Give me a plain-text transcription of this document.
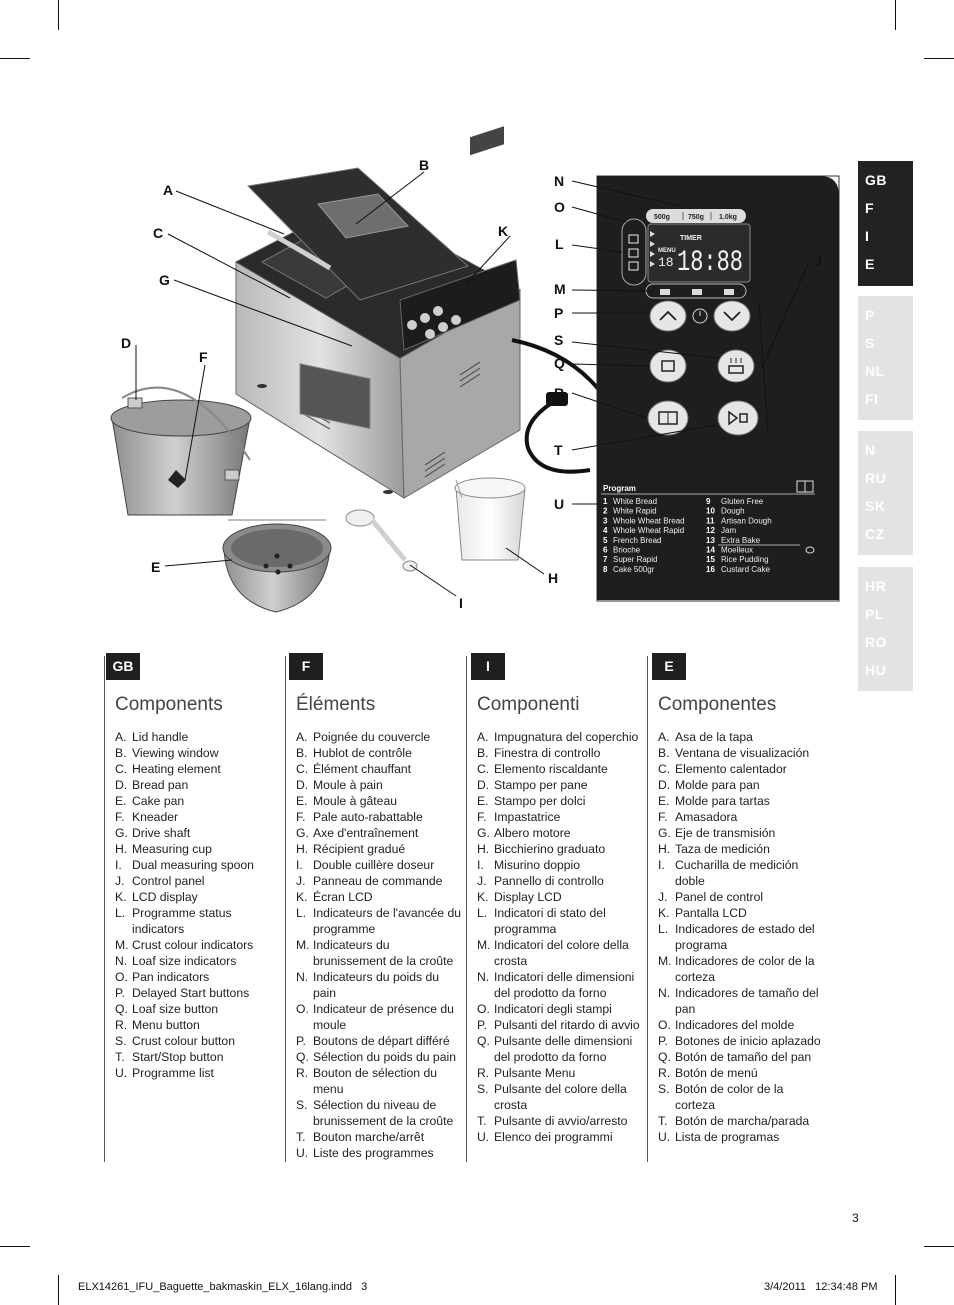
A
B
C
D
E
F
G
H
I
J
K
L
M
N
O
P
Q
R
S
T
U
500g	750g 1.0kg
TIMER
MENU
18 18:88
Program
1 White Bread
2 White Rapid
3 Whole Wheat Bread
4 Whole Wheat Rapid
5 French Bread
6 Brioche
7 Super Rapid
8 Cake 500gr
9 Gluten Free
10 Dough
11 Artisan Dough
12 Jam
13 Extra Bake
14 Moelleux
15 Rice Pudding
16 Custard Cake
GB
F
I
E
P
S
NL
FI
N
RU
SK
CZ
HR
PL
RO
HU
GB	F	I	E
Components	Éléments	Componenti	Componentes
A. Lid handle
B. Viewing window
C. Heating element
D. Bread pan
E. Cake pan
F. Kneader
G. Drive shaft
H. Measuring cup
I. Dual measuring spoon
J. Control panel
K. LCD display
L. Programme status indicators
M. Crust colour indicators
N. Loaf size indicators
O. Pan indicators
P. Delayed Start buttons
Q. Loaf size button
R. Menu button
S. Crust colour button
T. Start/Stop button
U. Programme list
A. Poignée du couvercle
B. Hublot de contrôle
C. Élément chauffant
D. Moule à pain
E. Moule à gâteau
F. Pale auto-rabattable
G. Axe d'entraînement
H. Récipient gradué
I. Double cuillère doseur
J. Panneau de commande
K. Écran LCD
L. Indicateurs de l'avancée du programme
M. Indicateurs du brunissement de la croûte
N. Indicateurs du poids du pain
O. Indicateur de présence du moule
P. Boutons de départ différé
Q. Sélection du poids du pain
R. Bouton de sélection du menu
S. Sélection du niveau de brunissement de la croûte
T. Bouton marche/arrêt
U. Liste des programmes
A. Impugnatura del coperchio
B. Finestra di controllo
C. Elemento riscaldante
D. Stampo per pane
E. Stampo per dolci
F. Impastatrice
G. Albero motore
H. Bicchierino graduato
I. Misurino doppio
J. Pannello di controllo
K. Display LCD
L. Indicatori di stato del programma
M. Indicatori del colore della crosta
N. Indicatori delle dimensioni del prodotto da forno
O. Indicatori degli stampi
P. Pulsanti del ritardo di avvio
Q. Pulsante delle dimensioni del prodotto da forno
R. Pulsante Menu
S. Pulsante del colore della crosta
T. Pulsante di avvio/arresto
U. Elenco dei programmi
A. Asa de la tapa
B. Ventana de visualización
C. Elemento calentador
D. Molde para pan
E. Molde para tartas
F. Amasadora
G. Eje de transmisión
H. Taza de medición
I. Cucharilla de medición doble
J. Panel de control
K. Pantalla LCD
L. Indicadores de estado del programa
M. Indicadores de color de la corteza
N. Indicadores de tamaño del pan
O. Indicadores del molde
P. Botones de inicio aplazado
Q. Botón de tamaño del pan
R. Botón de menú
S. Botón de color de la corteza
T. Botón de marcha/parada
U. Lista de programas
3
ELX14261_IFU_Baguette_bakmaskin_ELX_16lang.indd   3	3/4/2011   12:34:48 PM
